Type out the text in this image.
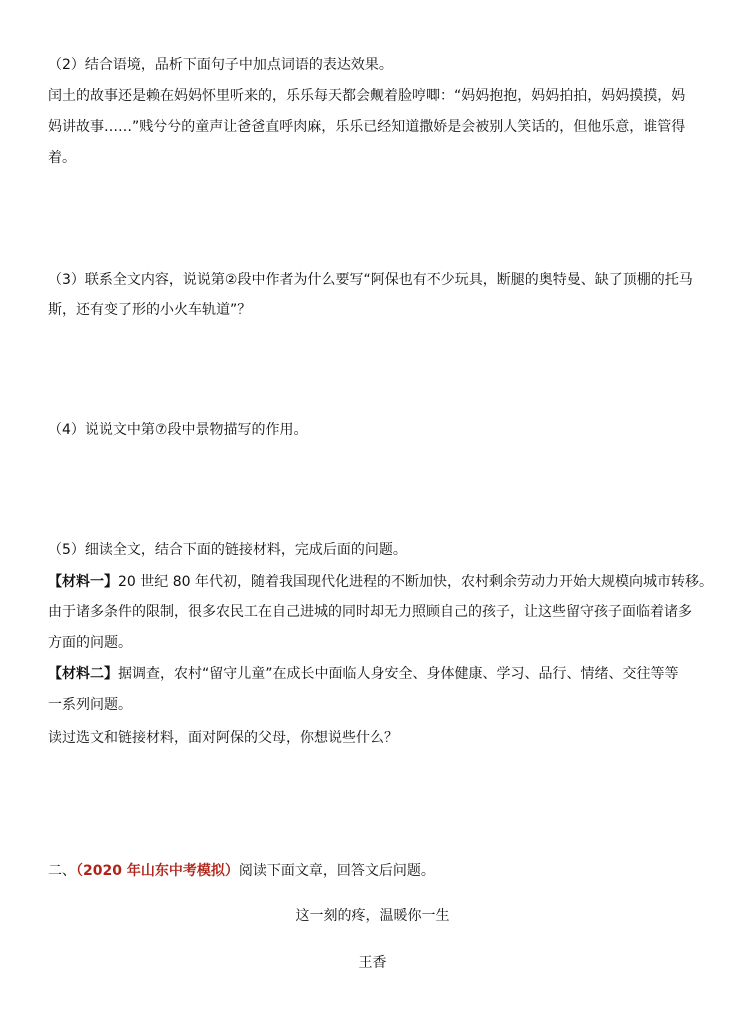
（2）结合语境，品析下面句子中加点词语的表达效果。
闰土的故事还是赖在妈妈怀里听来的，乐乐每天都会觍着脸哼唧：“妈妈抱抱，妈妈拍拍，妈妈摸摸，妈
妈讲故事……”贱兮兮的童声让爸爸直呼肉麻，乐乐已经知道撒娇是会被别人笑话的，但他乐意，谁管得
着。
（3）联系全文内容，说说第②段中作者为什么要写“阿保也有不少玩具，断腿的奥特曼、缺了顶棚的托马
斯，还有变了形的小火车轨道”？
（4）说说文中第⑦段中景物描写的作用。
（5）细读全文，结合下面的链接材料，完成后面的问题。
【材料一】20 世纪 80 年代初，随着我国现代化进程的不断加快，农村剩余劳动力开始大规模向城市转移。
由于诸多条件的限制，很多农民工在自己进城的同时却无力照顾自己的孩子，让这些留守孩子面临着诸多
方面的问题。
【材料二】据调查，农村“留守儿童”在成长中面临人身安全、身体健康、学习、品行、情绪、交往等等
一系列问题。
读过选文和链接材料，面对阿保的父母，你想说些什么？
二、（2020 年山东中考模拟）阅读下面文章，回答文后问题。
这一刻的疼，温暖你一生
王香
